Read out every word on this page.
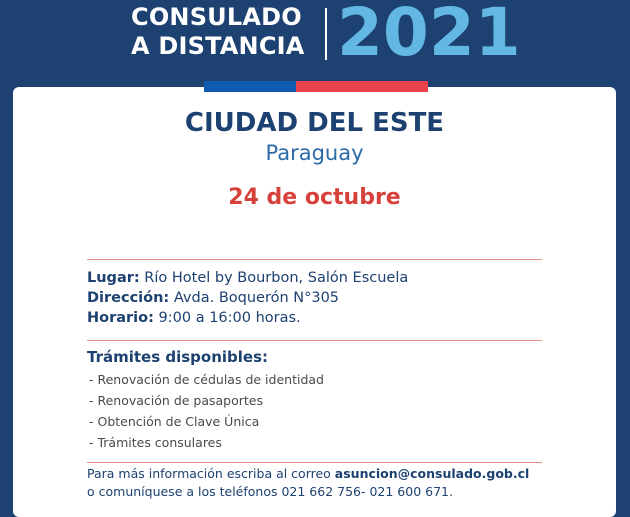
CONSULADO
A DISTANCIA 2021
CIUDAD DEL ESTE
Paraguay
24 de octubre
Lugar: Río Hotel by Bourbon, Salón Escuela
Dirección: Avda. Boquerón N°305
Horario: 9:00 a 16:00 horas.
Trámites disponibles:
- Renovación de cédulas de identidad
- Renovación de pasaportes
- Obtención de Clave Única
- Trámites consulares
Para más información escriba al correo asuncion@consulado.gob.cl
o comuníquese a los teléfonos 021 662 756- 021 600 671.
